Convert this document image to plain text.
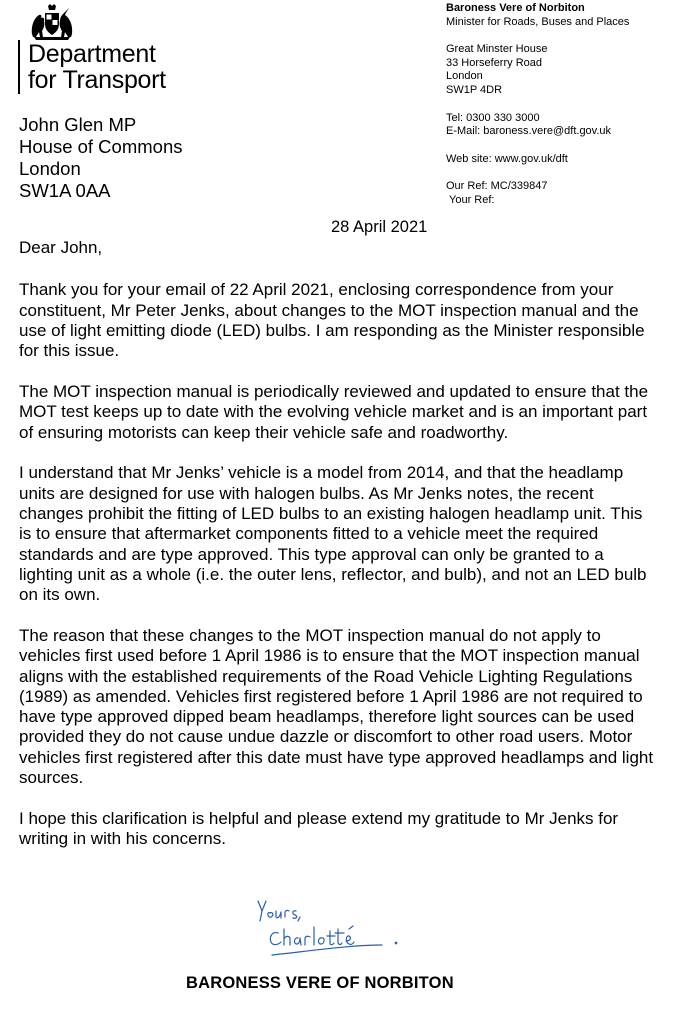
Department
for Transport
Baroness Vere of Norbiton
Minister for Roads, Buses and Places
Great Minster House
33 Horseferry Road
London
SW1P 4DR
Tel: 0300 330 3000
E-Mail: baroness.vere@dft.gov.uk
Web site: www.gov.uk/dft
Our Ref: MC/339847
Your Ref:
John Glen MP
House of Commons
London
SW1A 0AA
28 April 2021

Dear John,

Thank you for your email of 22 April 2021, enclosing correspondence from your constituent, Mr Peter Jenks, about changes to the MOT inspection manual and the use of light emitting diode (LED) bulbs. I am responding as the Minister responsible for this issue.

The MOT inspection manual is periodically reviewed and updated to ensure that the MOT test keeps up to date with the evolving vehicle market and is an important part of ensuring motorists can keep their vehicle safe and roadworthy.

I understand that Mr Jenks’ vehicle is a model from 2014, and that the headlamp units are designed for use with halogen bulbs. As Mr Jenks notes, the recent changes prohibit the fitting of LED bulbs to an existing halogen headlamp unit. This is to ensure that aftermarket components fitted to a vehicle meet the required standards and are type approved. This type approval can only be granted to a lighting unit as a whole (i.e. the outer lens, reflector, and bulb), and not an LED bulb on its own.

The reason that these changes to the MOT inspection manual do not apply to vehicles first used before 1 April 1986 is to ensure that the MOT inspection manual aligns with the established requirements of the Road Vehicle Lighting Regulations (1989) as amended. Vehicles first registered before 1 April 1986 are not required to have type approved dipped beam headlamps, therefore light sources can be used provided they do not cause undue dazzle or discomfort to other road users. Motor vehicles first registered after this date must have type approved headlamps and light sources.

I hope this clarification is helpful and please extend my gratitude to Mr Jenks for writing in with his concerns.

BARONESS VERE OF NORBITON
